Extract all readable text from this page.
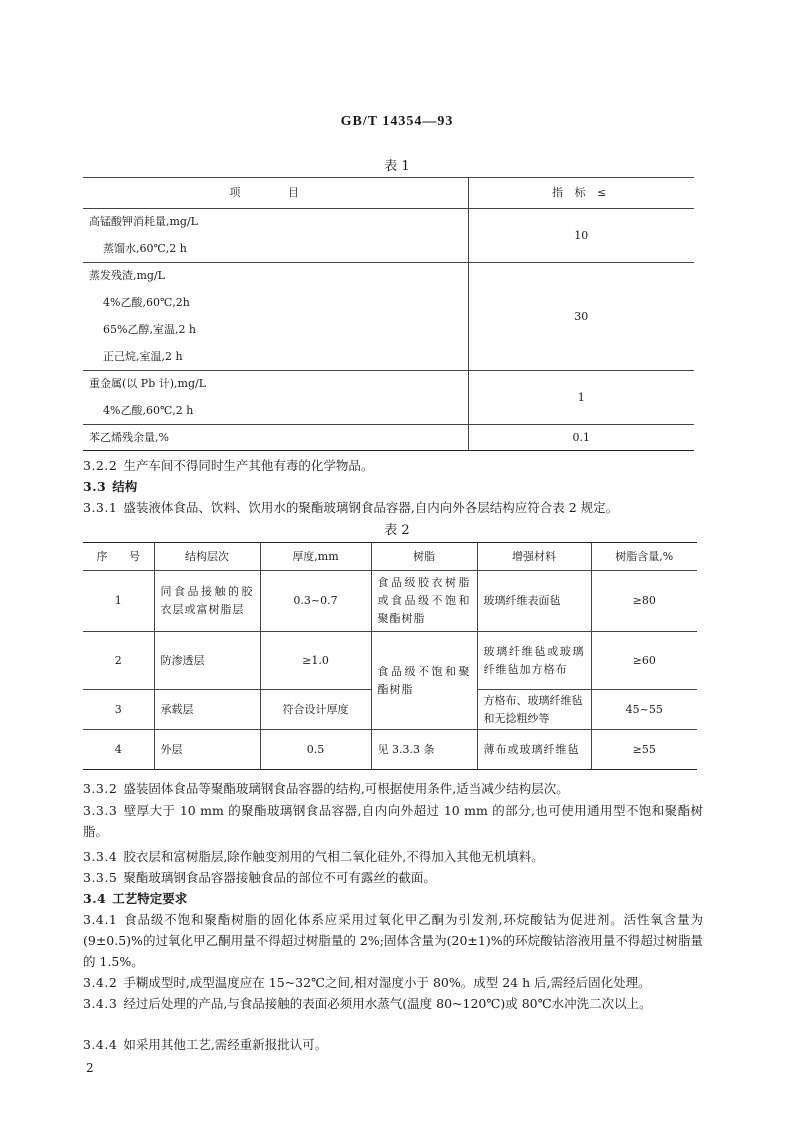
GB/T 14354—93
表 1
项 目	指 标 ≤
高锰酸钾消耗量,mg/L	10
蒸馏水,60℃,2 h	
蒸发残渣,mg/L	30
4%乙酸,60℃,2h	
65%乙醇,室温,2 h	
正己烷,室温,2 h	
重金属(以 Pb 计),mg/L	1
4%乙酸,60℃,2 h	
苯乙烯残余量,%	0.1
3.2.2 生产车间不得同时生产其他有毒的化学物品。
3.3 结构
3.3.1 盛装液体食品、饮料、饮用水的聚酯玻璃钢食品容器,自内向外各层结构应符合表 2 规定。
表 2
序 号	结构层次	厚度,mm	树脂	增强材料	树脂含量,%
1	同食品接触的胶衣层或富树脂层	0.3~0.7	食品级胶衣树脂或食品级不饱和聚酯树脂	玻璃纤维表面毡	≥80
2	防渗透层	≥1.0	食品级不饱和聚酯树脂	玻璃纤维毡或玻璃纤维毡加方格布	≥60
3	承载层	符合设计厚度		方格布、玻璃纤维毡和无捻粗纱等	45~55
4	外层	0.5	见 3.3.3 条	薄布或玻璃纤维毡	≥55
3.3.2 盛装固体食品等聚酯玻璃钢食品容器的结构,可根据使用条件,适当减少结构层次。
3.3.3 壁厚大于 10 mm 的聚酯玻璃钢食品容器,自内向外超过 10 mm 的部分,也可使用通用型不饱和聚酯树脂。
3.3.4 胶衣层和富树脂层,除作触变剂用的气相二氧化硅外,不得加入其他无机填料。
3.3.5 聚酯玻璃钢食品容器接触食品的部位不可有露丝的截面。
3.4 工艺特定要求
3.4.1 食品级不饱和聚酯树脂的固化体系应采用过氧化甲乙酮为引发剂,环烷酸钴为促进剂。活性氧含量为(9±0.5)%的过氧化甲乙酮用量不得超过树脂量的 2%;固体含量为(20±1)%的环烷酸钴溶液用量不得超过树脂量的 1.5%。
3.4.2 手糊成型时,成型温度应在 15~32℃之间,相对湿度小于 80%。成型 24 h 后,需经后固化处理。
3.4.3 经过后处理的产品,与食品接触的表面必须用水蒸气(温度 80~120℃)或 80℃水冲洗二次以上。
3.4.4 如采用其他工艺,需经重新报批认可。
2
